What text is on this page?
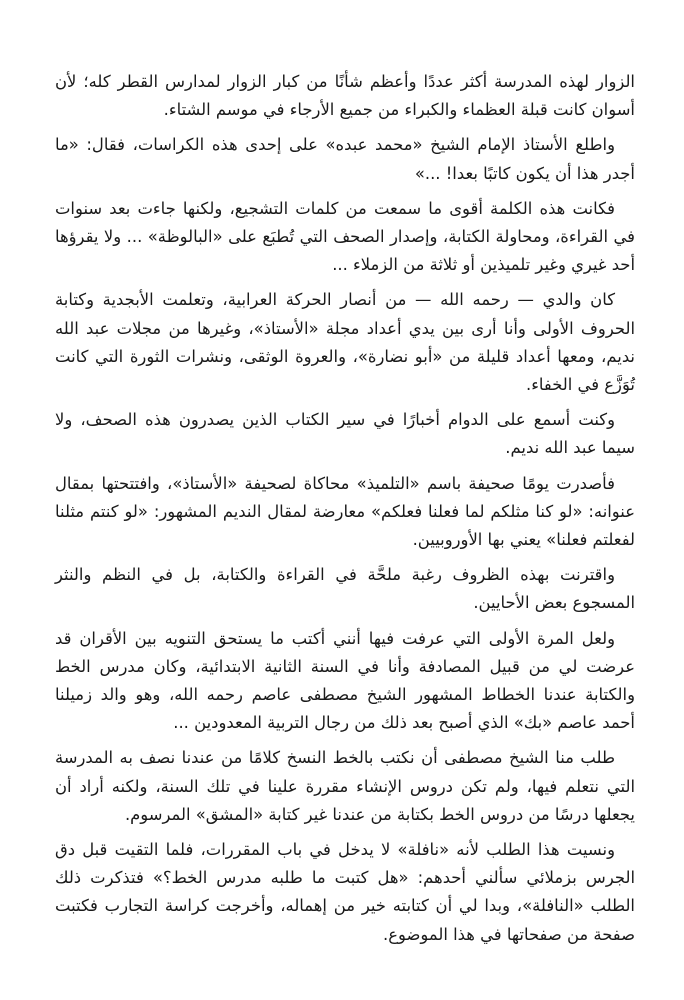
الزوار لهذه المدرسة أكثر عددًا وأعظم شأنًا من كبار الزوار لمدارس القطر كله؛ لأن أسوان كانت قبلة العظماء والكبراء من جميع الأرجاء في موسم الشتاء.

واطلع الأستاذ الإمام الشيخ «محمد عبده» على إحدى هذه الكراسات، فقال: «ما أجدر هذا أن يكون كاتبًا بعدا! ...»

فكانت هذه الكلمة أقوى ما سمعت من كلمات التشجيع، ولكنها جاءت بعد سنوات في القراءة، ومحاولة الكتابة، وإصدار الصحف التي تُطبَع على «البالوظة» ... ولا يقرؤها أحد غيري وغير تلميذين أو ثلاثة من الزملاء ...

كان والدي — رحمه الله — من أنصار الحركة العرابية، وتعلمت الأبجدية وكتابة الحروف الأولى وأنا أرى بين يدي أعداد مجلة «الأستاذ»، وغيرها من مجلات عبد الله نديم، ومعها أعداد قليلة من «أبو نضارة»، والعروة الوثقى، ونشرات الثورة التي كانت تُوَزَّع في الخفاء.

وكنت أسمع على الدوام أخبارًا في سير الكتاب الذين يصدرون هذه الصحف، ولا سيما عبد الله نديم.

فأصدرت يومًا صحيفة باسم «التلميذ» محاكاة لصحيفة «الأستاذ»، وافتتحتها بمقال عنوانه: «لو كنا مثلكم لما فعلنا فعلكم» معارضة لمقال النديم المشهور: «لو كنتم مثلنا لفعلتم فعلنا» يعني بها الأوروبيين.

واقترنت بهذه الظروف رغبة ملحَّة في القراءة والكتابة، بل في النظم والنثر المسجوع بعض الأحايين.

ولعل المرة الأولى التي عرفت فيها أنني أكتب ما يستحق التنويه بين الأقران قد عرضت لي من قبيل المصادفة وأنا في السنة الثانية الابتدائية، وكان مدرس الخط والكتابة عندنا الخطاط المشهور الشيخ مصطفى عاصم رحمه الله، وهو والد زميلنا أحمد عاصم «بك» الذي أصبح بعد ذلك من رجال التربية المعدودين ...

طلب منا الشيخ مصطفى أن نكتب بالخط النسخ كلامًا من عندنا نصف به المدرسة التي نتعلم فيها، ولم تكن دروس الإنشاء مقررة علينا في تلك السنة، ولكنه أراد أن يجعلها درسًا من دروس الخط بكتابة من عندنا غير كتابة «المشق» المرسوم.

ونسيت هذا الطلب لأنه «نافلة» لا يدخل في باب المقررات، فلما التقيت قبل دق الجرس بزملائي سألني أحدهم: «هل كتبت ما طلبه مدرس الخط؟» فتذكرت ذلك الطلب «النافلة»، وبدا لي أن كتابته خير من إهماله، وأخرجت كراسة التجارب فكتبت صفحة من صفحاتها في هذا الموضوع.
